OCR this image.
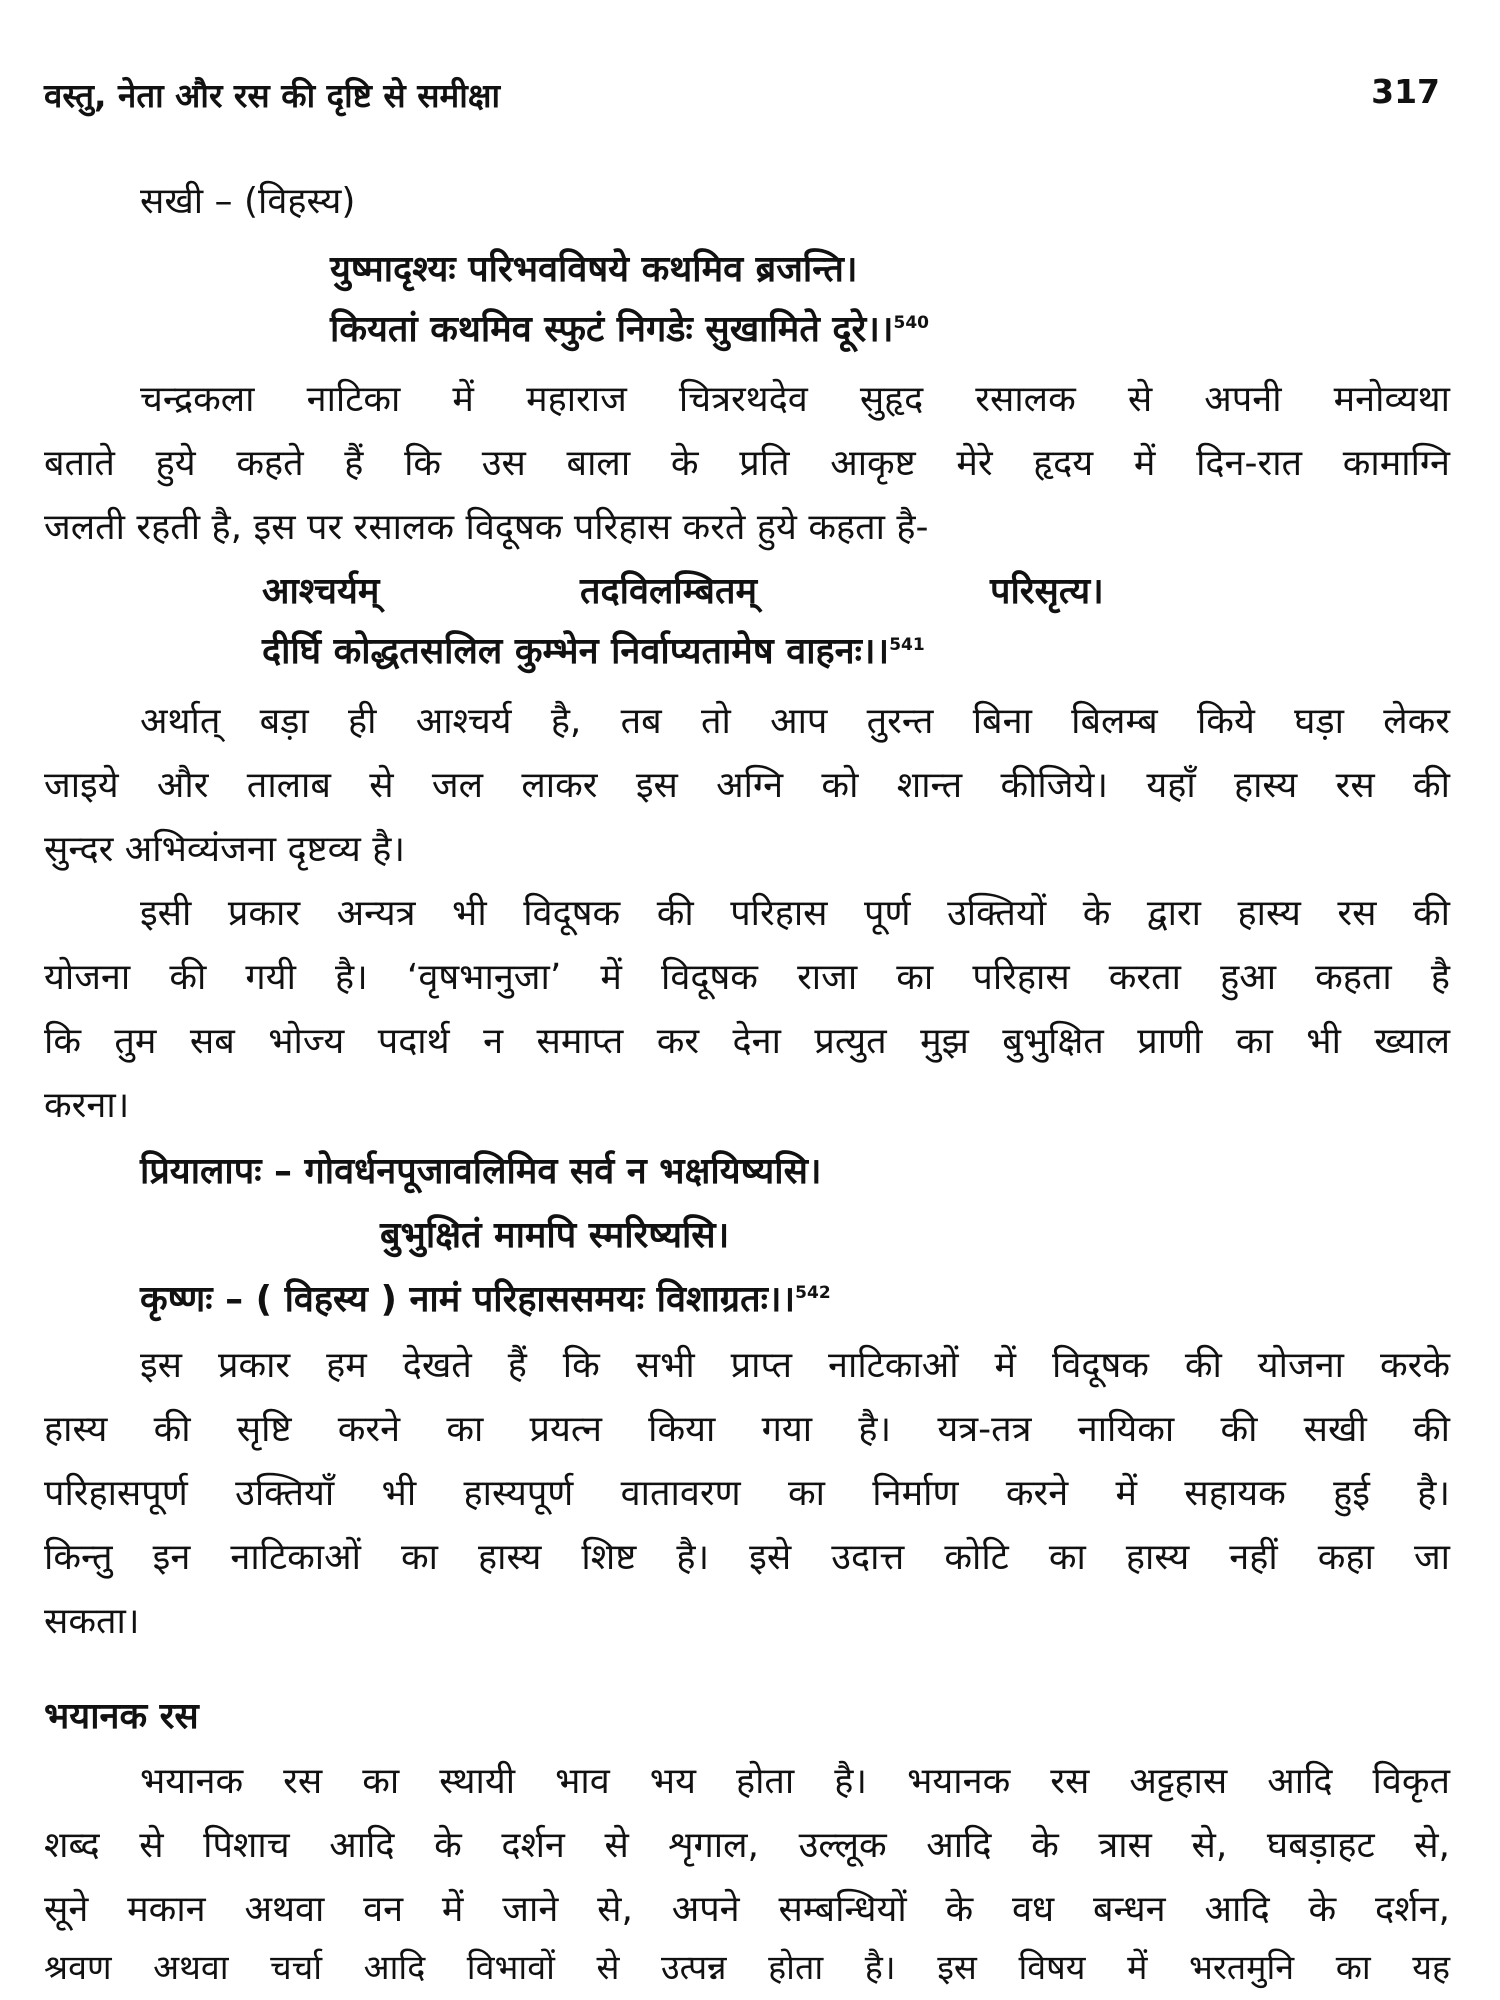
वस्तु, नेता और रस की दृष्टि से समीक्षा	317
सखी – (विहस्य)
युष्मादृश्यः परिभवविषये कथमिव ब्रजन्ति।
कियतां कथमिव स्फुटं निगडेः सुखामिते दूरे।।$^{540}$
चन्द्रकला नाटिका में महाराज चित्ररथदेव सुहृद रसालक से अपनी मनोव्यथा
बताते हुये कहते हैं कि उस बाला के प्रति आकृष्ट मेरे हृदय में दिन-रात कामाग्नि
जलती रहती है, इस पर रसालक विदूषक परिहास करते हुये कहता है-
आश्चर्यम्	तदविलम्बितम्	परिसृत्य।
दीर्घि कोद्धतसलिल कुम्भेन निर्वाप्यतामेष वाहनः।।$^{541}$
अर्थात् बड़ा ही आश्चर्य है, तब तो आप तुरन्त बिना बिलम्ब किये घड़ा लेकर
जाइये और तालाब से जल लाकर इस अग्नि को शान्त कीजिये। यहाँ हास्य रस की
सुन्दर अभिव्यंजना दृष्टव्य है।
इसी प्रकार अन्यत्र भी विदूषक की परिहास पूर्ण उक्तियों के द्वारा हास्य रस की
योजना की गयी है। ‘वृषभानुजा’ में विदूषक राजा का परिहास करता हुआ कहता है
कि तुम सब भोज्य पदार्थ न समाप्त कर देना प्रत्युत मुझ बुभुक्षित प्राणी का भी ख्याल
करना।
प्रियालापः – गोवर्धनपूजावलिमिव सर्व न भक्षयिष्यसि।
बुभुक्षितं मामपि स्मरिष्यसि।
कृष्णः – ( विहस्य ) नामं परिहाससमयः विशाग्रतः।।$^{542}$
इस प्रकार हम देखते हैं कि सभी प्राप्त नाटिकाओं में विदूषक की योजना करके
हास्य की सृष्टि करने का प्रयत्न किया गया है। यत्र-तत्र नायिका की सखी की
परिहासपूर्ण उक्तियाँ भी हास्यपूर्ण वातावरण का निर्माण करने में सहायक हुई है।
किन्तु इन नाटिकाओं का हास्य शिष्ट है। इसे उदात्त कोटि का हास्य नहीं कहा जा
सकता।
भयानक रस
भयानक रस का स्थायी भाव भय होता है। भयानक रस अट्टहास आदि विकृत
शब्द से पिशाच आदि के दर्शन से शृगाल, उल्लूक आदि के त्रास से, घबड़ाहट से,
सूने मकान अथवा वन में जाने से, अपने सम्बन्धियों के वध बन्धन आदि के दर्शन,
श्रवण अथवा चर्चा आदि विभावों से उत्पन्न होता है। इस विषय में भरतमुनि का यह
